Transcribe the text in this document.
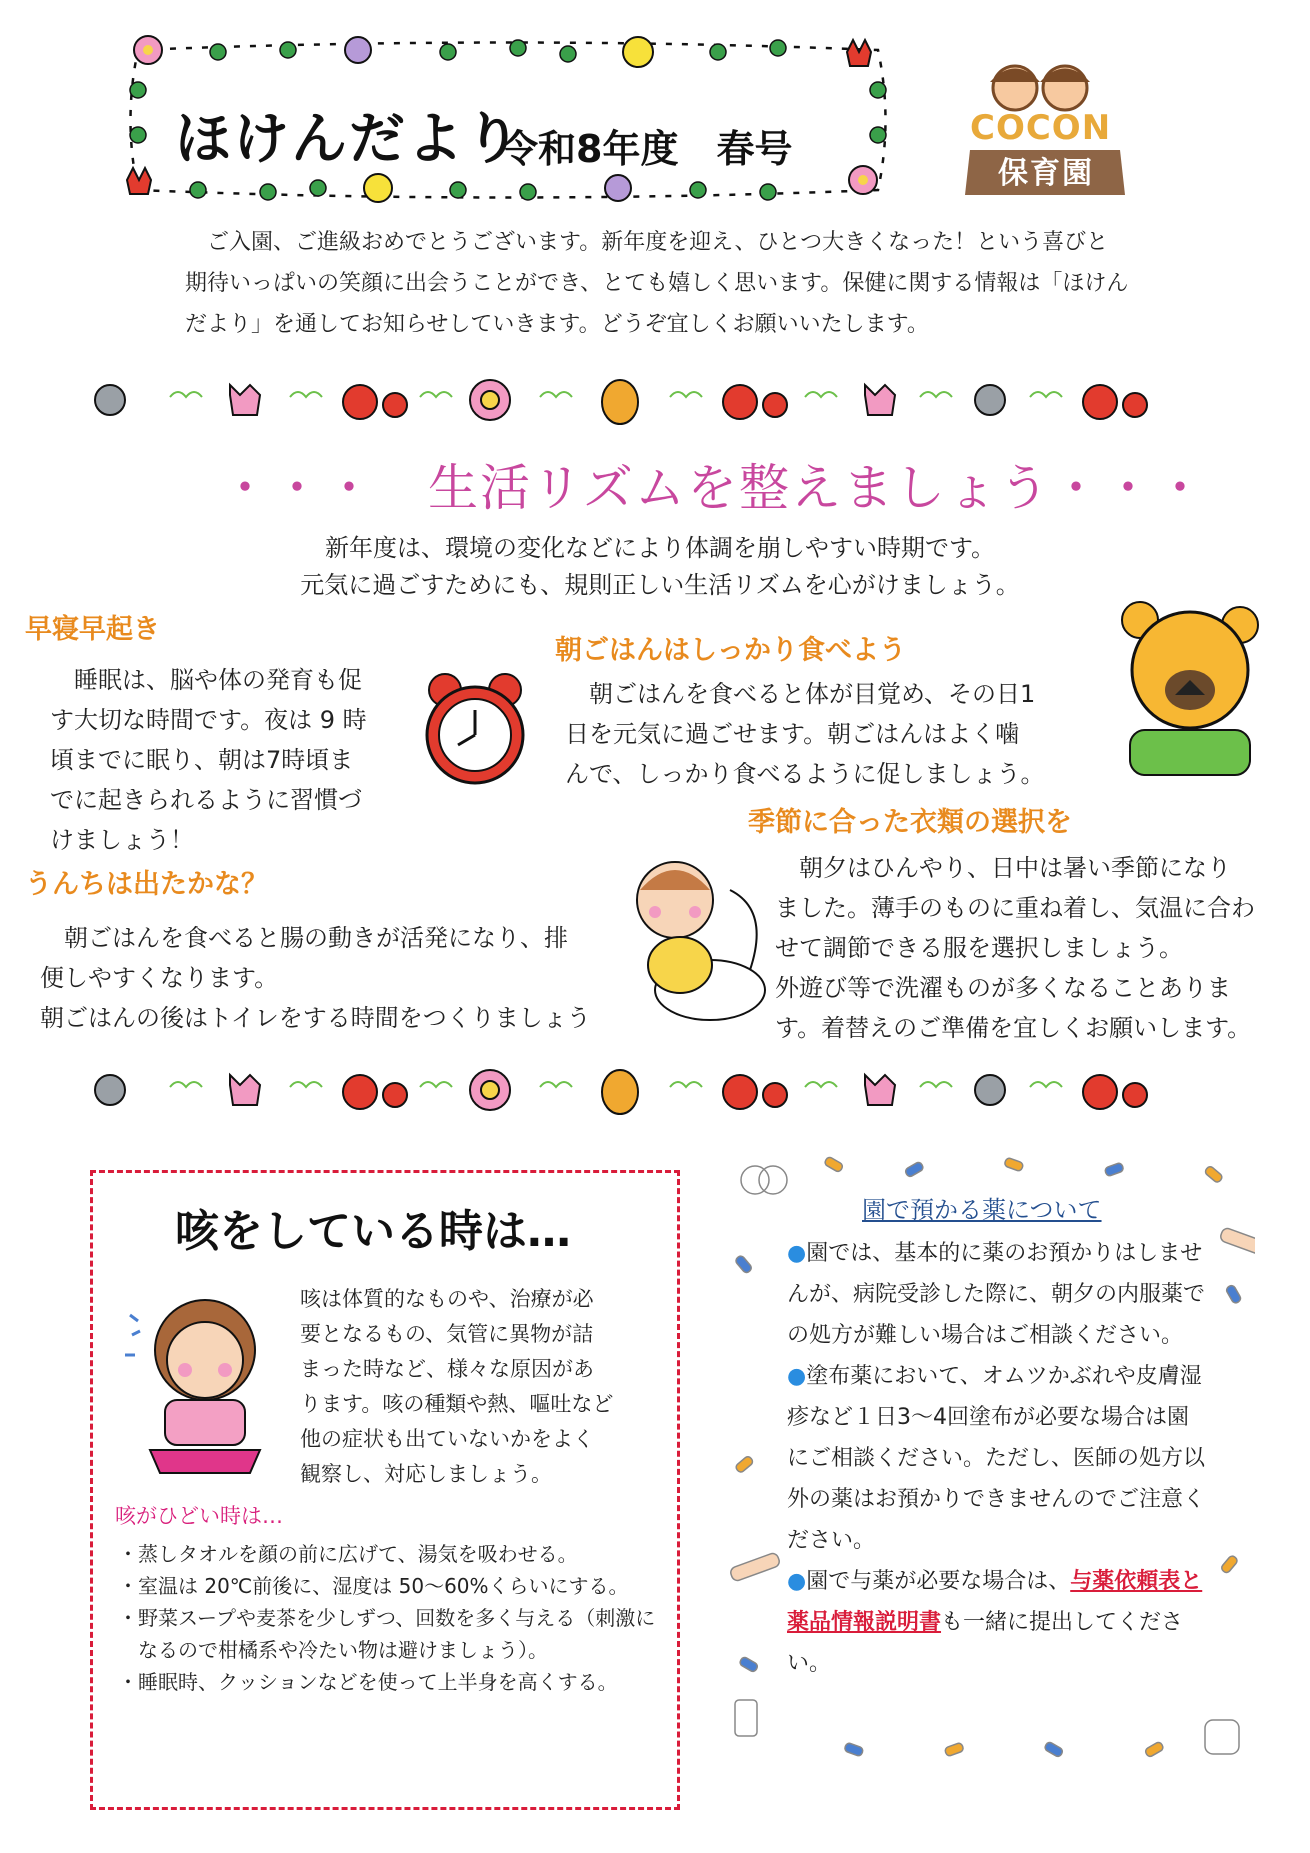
ほけんだより
令和8年度　春号	COCON
保育園

ご入園、ご進級おめでとうございます。新年度を迎え、ひとつ大きくなった！という喜びと

期待いっぱいの笑顔に出会うことができ、とても嬉しく思います。保健に関する情報は「ほけん

だより」を通してお知らせしていきます。どうぞ宜しくお願いいたします。

・・・　生活リズムを整えましょう・・・

新年度は、環境の変化などにより体調を崩しやすい時期です。

元気に過ごすためにも、規則正しい生活リズムを心がけましょう。

早寝早起き

　睡眠は、脳や体の発育も促

す大切な時間です。夜は 9 時

頃までに眠り、朝は7時頃ま

でに起きられるように習慣づ

けましょう！

朝ごはんはしっかり食べよう

　朝ごはんを食べると体が目覚め、その日1

日を元気に過ごせます。朝ごはんはよく噛

んで、しっかり食べるように促しましょう。

季節に合った衣類の選択を

　朝夕はひんやり、日中は暑い季節になり

ました。薄手のものに重ね着し、気温に合わ

せて調節できる服を選択しましょう。

外遊び等で洗濯ものが多くなることありま

す。着替えのご準備を宜しくお願いします。

うんちは出たかな？

　朝ごはんを食べると腸の動きが活発になり、排

便しやすくなります。

朝ごはんの後はトイレをする時間をつくりましょう

咳をしている時は…

咳は体質的なものや、治療が必

要となるもの、気管に異物が詰

まった時など、様々な原因があ

ります。咳の種類や熱、嘔吐など

他の症状も出ていないかをよく

観察し、対応しましょう。

咳がひどい時は…
・蒸しタオルを顔の前に広げて、湯気を吸わせる。
・室温は 20℃前後に、湿度は 50～60%くらいにする。
・野菜スープや麦茶を少しずつ、回数を多く与える（刺激になるので柑橘系や冷たい物は避けましょう）。
・睡眠時、クッションなどを使って上半身を高くする。
園で預かる薬について

●園では、基本的に薬のお預かりはしませんが、病院受診した際に、朝夕の内服薬での処方が難しい場合はご相談ください。

●塗布薬において、オムツかぶれや皮膚湿疹など１日3～4回塗布が必要な場合は園にご相談ください。ただし、医師の処方以外の薬はお預かりできませんのでご注意ください。

●園で与薬が必要な場合は、与薬依頼表と薬品情報説明書も一緒に提出してください。
